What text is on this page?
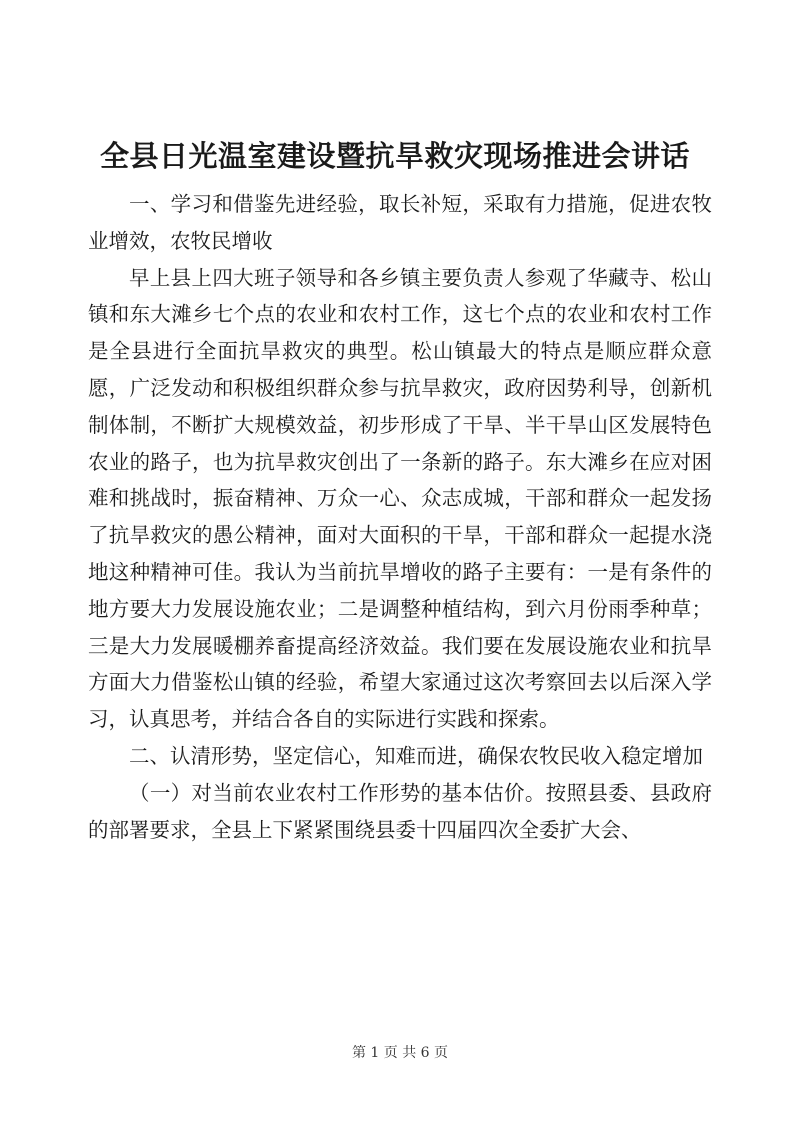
全县日光温室建设暨抗旱救灾现场推进会讲话

一、学习和借鉴先进经验，取长补短，采取有力措施，促进农牧业增效，农牧民增收

早上县上四大班子领导和各乡镇主要负责人参观了华藏寺、松山镇和东大滩乡七个点的农业和农村工作，这七个点的农业和农村工作是全县进行全面抗旱救灾的典型。松山镇最大的特点是顺应群众意愿，广泛发动和积极组织群众参与抗旱救灾，政府因势利导，创新机制体制，不断扩大规模效益，初步形成了干旱、半干旱山区发展特色农业的路子，也为抗旱救灾创出了一条新的路子。东大滩乡在应对困难和挑战时，振奋精神、万众一心、众志成城，干部和群众一起发扬了抗旱救灾的愚公精神，面对大面积的干旱，干部和群众一起提水浇地这种精神可佳。我认为当前抗旱增收的路子主要有：一是有条件的地方要大力发展设施农业；二是调整种植结构，到六月份雨季种草；三是大力发展暖棚养畜提高经济效益。我们要在发展设施农业和抗旱方面大力借鉴松山镇的经验，希望大家通过这次考察回去以后深入学习，认真思考，并结合各自的实际进行实践和探索。

二、认清形势，坚定信心，知难而进，确保农牧民收入稳定增加

（一）对当前农业农村工作形势的基本估价。按照县委、县政府的部署要求，全县上下紧紧围绕县委十四届四次全委扩大会、

第 1 页 共 6 页
